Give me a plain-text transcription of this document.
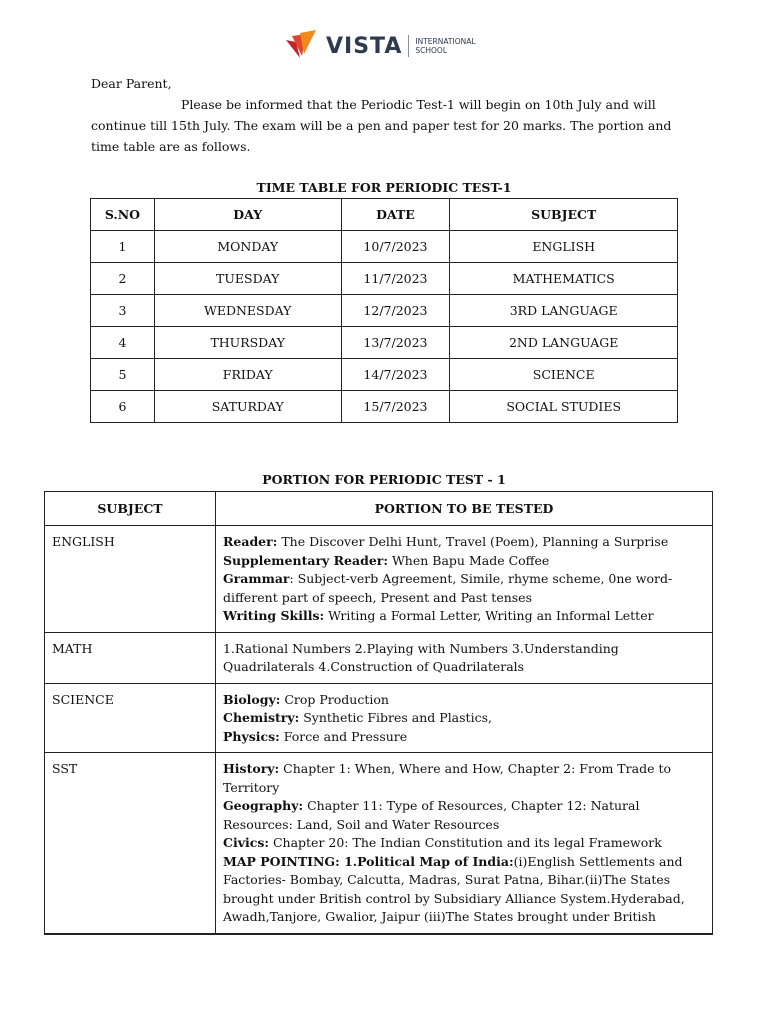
VISTA INTERNATIONAL
SCHOOL

Dear Parent,

Please be informed that the Periodic Test-1 will begin on 10th July and will continue till 15th July. The exam will be a pen and paper test for 20 marks. The portion and time table are as follows.

TIME TABLE FOR PERIODIC TEST-1
S.NO	DAY	DATE	SUBJECT
1	MONDAY	10/7/2023	ENGLISH
2	TUESDAY	11/7/2023	MATHEMATICS
3	WEDNESDAY	12/7/2023	3RD LANGUAGE
4	THURSDAY	13/7/2023	2ND LANGUAGE
5	FRIDAY	14/7/2023	SCIENCE
6	SATURDAY	15/7/2023	SOCIAL STUDIES
PORTION FOR PERIODIC TEST - 1
SUBJECT	PORTION TO BE TESTED
ENGLISH	Reader: The Discover Delhi Hunt, Travel (Poem), Planning a Surprise
Supplementary Reader: When Bapu Made Coffee
Grammar: Subject-verb Agreement, Simile, rhyme scheme, 0ne word-different part of speech, Present and Past tenses
Writing Skills: Writing a Formal Letter, Writing an Informal Letter

MATH	1.Rational Numbers 2.Playing with Numbers 3.Understanding Quadrilaterals 4.Construction of Quadrilaterals

SCIENCE	Biology: Crop Production
Chemistry: Synthetic Fibres and Plastics,
Physics: Force and Pressure

SST	History: Chapter 1: When, Where and How, Chapter 2: From Trade to Territory
Geography: Chapter 11: Type of Resources, Chapter 12: Natural Resources: Land, Soil and Water Resources
Civics: Chapter 20: The Indian Constitution and its legal Framework
MAP POINTING: 1.Political Map of India:(i)English Settlements and Factories- Bombay, Calcutta, Madras, Surat Patna, Bihar.(ii)The States brought under British control by Subsidiary Alliance System.Hyderabad, Awadh,Tanjore, Gwalior, Jaipur (iii)The States brought under British
